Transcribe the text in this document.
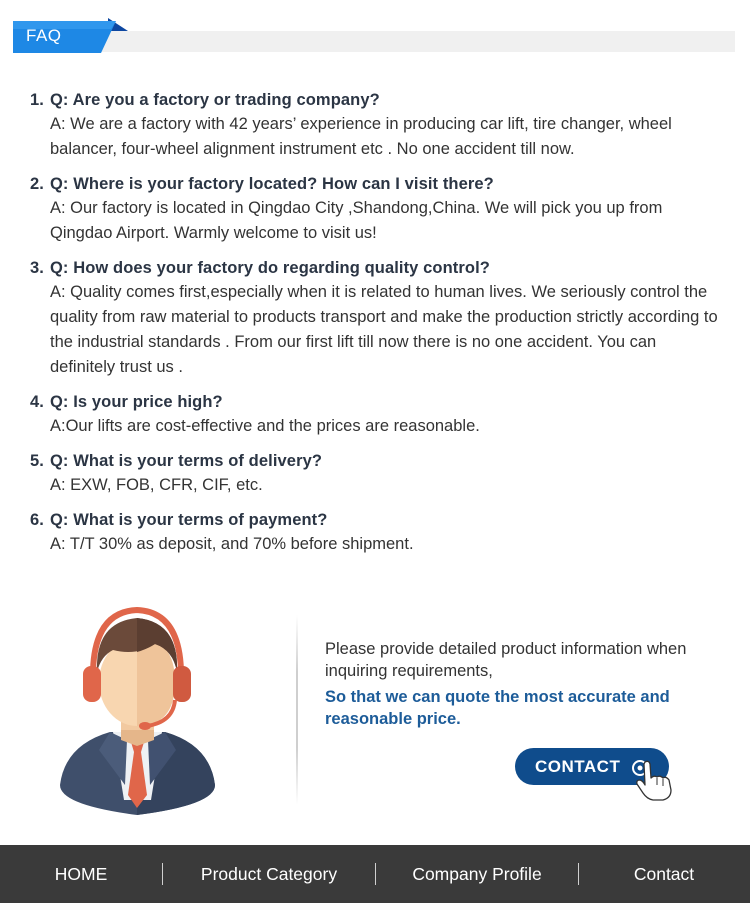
FAQ
1. Q: Are you a factory or trading company?
A: We are a factory with 42 years’ experience in producing car lift, tire changer, wheel balancer, four-wheel alignment instrument etc . No one accident till now.
2. Q: Where is your factory located? How can I visit there?
A: Our factory is located in Qingdao City ,Shandong,China. We will pick you up from Qingdao Airport. Warmly welcome to visit us!
3. Q: How does your factory do regarding quality control?
A: Quality comes first,especially when it is related to human lives. We seriously control the quality from raw material to products transport and make the production strictly according to the industrial standards . From our first lift till now there is no one accident. You can definitely trust us .
4. Q: Is your price high?
A:Our lifts are cost-effective and the prices are reasonable.
5. Q: What is your terms of delivery?
A: EXW, FOB, CFR, CIF, etc.
6. Q: What is your terms of payment?
A: T/T 30% as deposit, and 70% before shipment.
Please provide detailed product information when inquiring requirements,
So that we can quote the most accurate and reasonable price.
CONTACT
HOME	Product Category	Company Profile	Contact
